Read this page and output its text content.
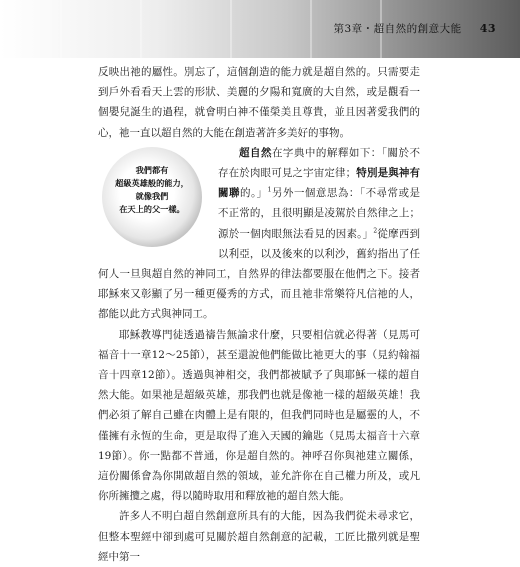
第3章・超自然的創意大能 43

反映出祂的屬性。別忘了，這個創造的能力就是超自然的。只需要走到戶外看看天上雲的形狀、美麗的夕陽和寬廣的大自然，或是觀看一個嬰兒誕生的過程，就會明白神不僅榮美且尊貴，並且因著愛我們的心，祂一直以超自然的大能在創造著許多美好的事物。

我們都有
超級英雄般的能力，
就像我們
在天上的父一樣。

超自然在字典中的解釋如下：「關於不存在於肉眼可見之宇宙定律；特別是與神有關聯的。」$^1$另外一個意思為：「不尋常或是不正常的，且很明顯是凌駕於自然律之上；源於一個肉眼無法看見的因素。」$^2$從摩西到以利亞，以及後來的以利沙，舊約指出了任何人一旦與超自然的神同工，自然界的律法都要服在他們之下。接者耶穌來又彰顯了另一種更優秀的方式，而且祂非常樂符凡信祂的人，都能以此方式與神同工。

耶穌教導門徒透過禱告無論求什麼，只要相信就必得著（見馬可福音十一章12～25節），甚至還說他們能做比祂更大的事（見約翰福音十四章12節）。透過與神相交，我們都被賦予了與耶穌一樣的超自然大能。如果祂是超級英雄，那我們也就是像祂一樣的超級英雄！我們必須了解自己雖在肉體上是有限的，但我們同時也是屬靈的人，不僅擁有永恆的生命，更是取得了進入天國的鑰匙（見馬太福音十六章19節）。你一點都不普通，你是超自然的。神呼召你與祂建立關係，這份關係會為你開啟超自然的領域，並允許你在自己權力所及，或凡你所擁攬之處，得以隨時取用和釋放祂的超自然大能。

許多人不明白超自然創意所具有的大能，因為我們從未尋求它，但整本聖經中卻到處可見關於超自然創意的記載，工匠比撒列就是聖經中第一
